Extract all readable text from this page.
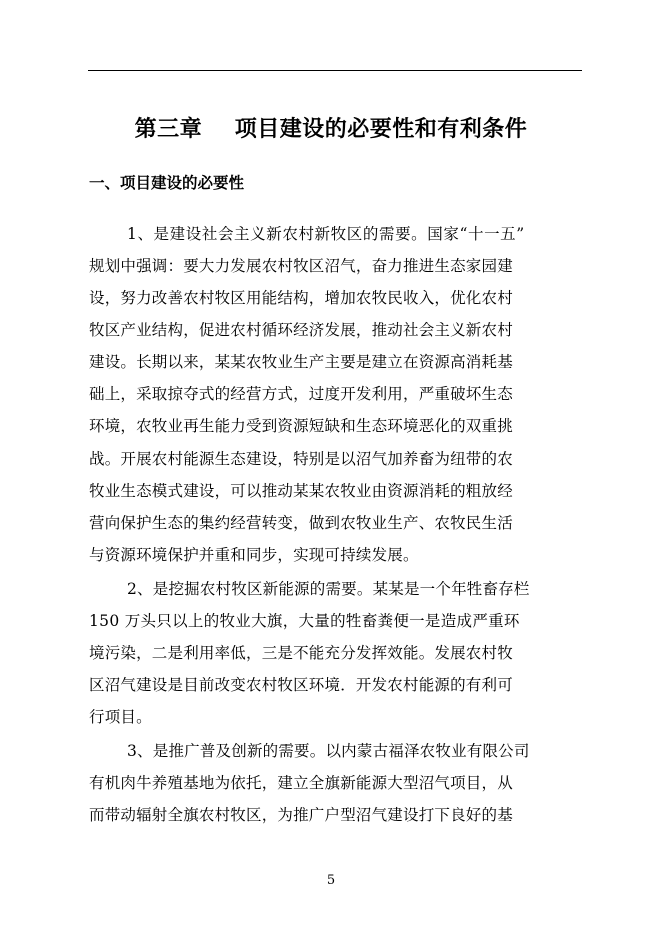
第三章    项目建设的必要性和有利条件
一、项目建设的必要性
1、是建设社会主义新农村新牧区的需要。国家“十一五”
规划中强调：要大力发展农村牧区沼气，奋力推进生态家园建
设，努力改善农村牧区用能结构，增加农牧民收入，优化农村
牧区产业结构，促进农村循环经济发展，推动社会主义新农村
建设。长期以来，某某农牧业生产主要是建立在资源高消耗基
础上，采取掠夺式的经营方式，过度开发利用，严重破坏生态
环境，农牧业再生能力受到资源短缺和生态环境恶化的双重挑
战。开展农村能源生态建设，特别是以沼气加养畜为纽带的农
牧业生态模式建设，可以推动某某农牧业由资源消耗的粗放经
营向保护生态的集约经营转变，做到农牧业生产、农牧民生活
与资源环境保护并重和同步，实现可持续发展。
2、是挖掘农村牧区新能源的需要。某某是一个年牲畜存栏
150 万头只以上的牧业大旗，大量的牲畜粪便一是造成严重环
境污染，二是利用率低，三是不能充分发挥效能。发展农村牧
区沼气建设是目前改变农村牧区环境．开发农村能源的有利可
行项目。
3、是推广普及创新的需要。以内蒙古福泽农牧业有限公司
有机肉牛养殖基地为依托，建立全旗新能源大型沼气项目，从
而带动辐射全旗农村牧区，为推广户型沼气建设打下良好的基
5
